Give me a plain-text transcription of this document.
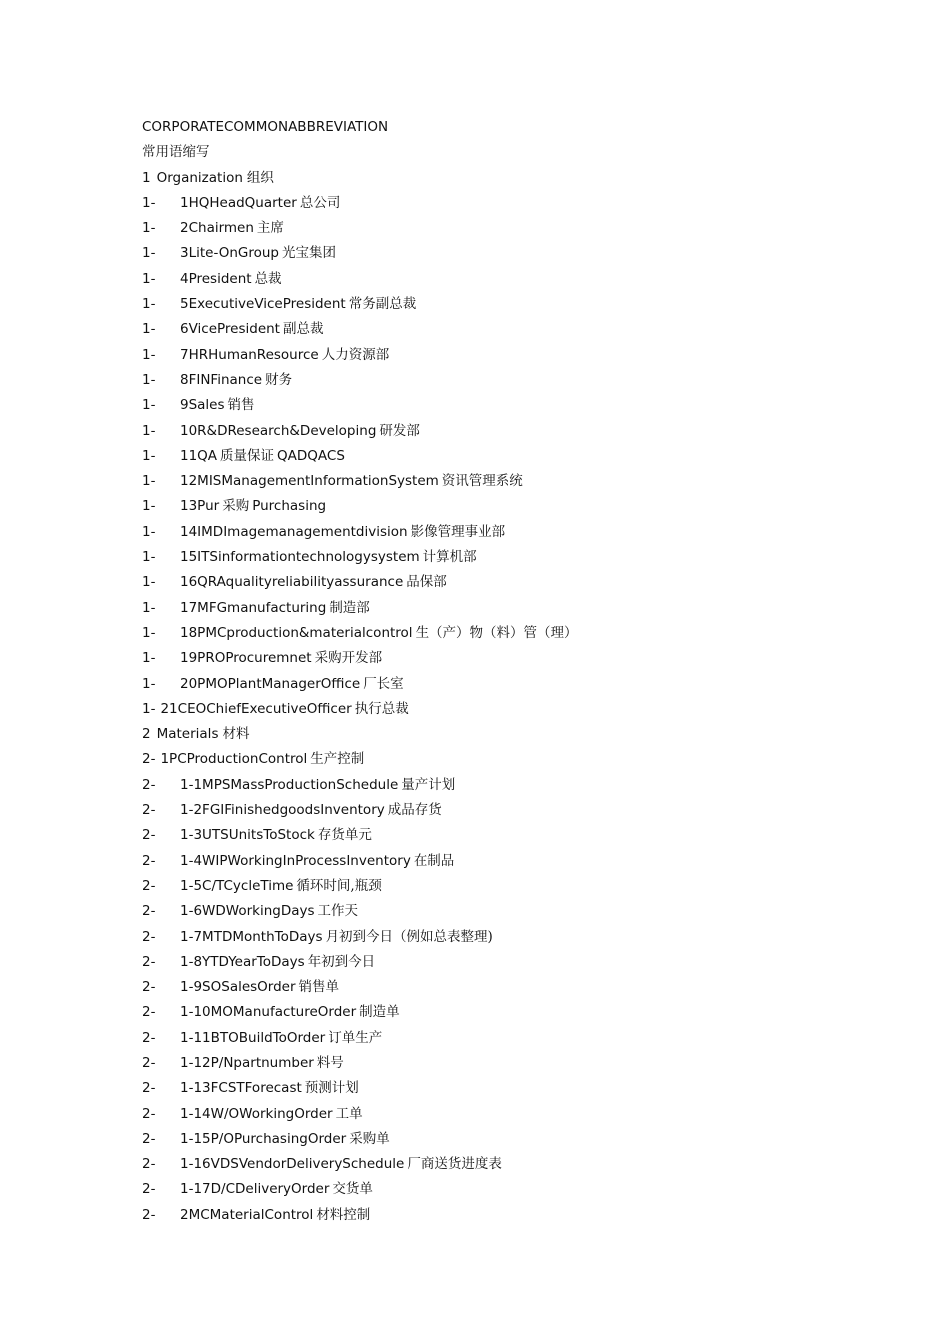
CORPORATECOMMONABBREVIATION
常用语缩写
1 Organization 组织
1- 1HQHeadQuarter 总公司
1- 2Chairmen 主席
1- 3Lite-OnGroup 光宝集团
1- 4President 总裁
1- 5ExecutiveVicePresident 常务副总裁
1- 6VicePresident 副总裁
1- 7HRHumanResource 人力资源部
1- 8FINFinance 财务
1- 9Sales 销售
1- 10R&DResearch&Developing 研发部
1- 11QA 质量保证 QADQACS
1- 12MISManagementInformationSystem 资讯管理系统
1- 13Pur 采购 Purchasing
1- 14IMDImagemanagementdivision 影像管理事业部
1- 15ITSinformationtechnologysystem 计算机部
1- 16QRAqualityreliabilityassurance 品保部
1- 17MFGmanufacturing 制造部
1- 18PMCproduction&materialcontrol 生（产）物（料）管（理）
1- 19PROProcuremnet 采购开发部
1- 20PMOPlantManagerOffice 厂长室
1- 21CEOChiefExecutiveOfficer 执行总裁
2 Materials 材料
2- 1PCProductionControl 生产控制
2- 1-1MPSMassProductionSchedule 量产计划
2- 1-2FGIFinishedgoodsInventory 成品存货
2- 1-3UTSUnitsToStock 存货单元
2- 1-4WIPWorkingInProcessInventory 在制品
2- 1-5C/TCycleTime 循环时间,瓶颈
2- 1-6WDWorkingDays 工作天
2- 1-7MTDMonthToDays 月初到今日（例如总表整理)
2- 1-8YTDYearToDays 年初到今日
2- 1-9SOSalesOrder 销售单
2- 1-10MOManufactureOrder 制造单
2- 1-11BTOBuildToOrder 订单生产
2- 1-12P/Npartnumber 料号
2- 1-13FCSTForecast 预测计划
2- 1-14W/OWorkingOrder 工单
2- 1-15P/OPurchasingOrder 采购单
2- 1-16VDSVendorDeliverySchedule 厂商送货进度表
2- 1-17D/CDeliveryOrder 交货单
2- 2MCMaterialControl 材料控制
